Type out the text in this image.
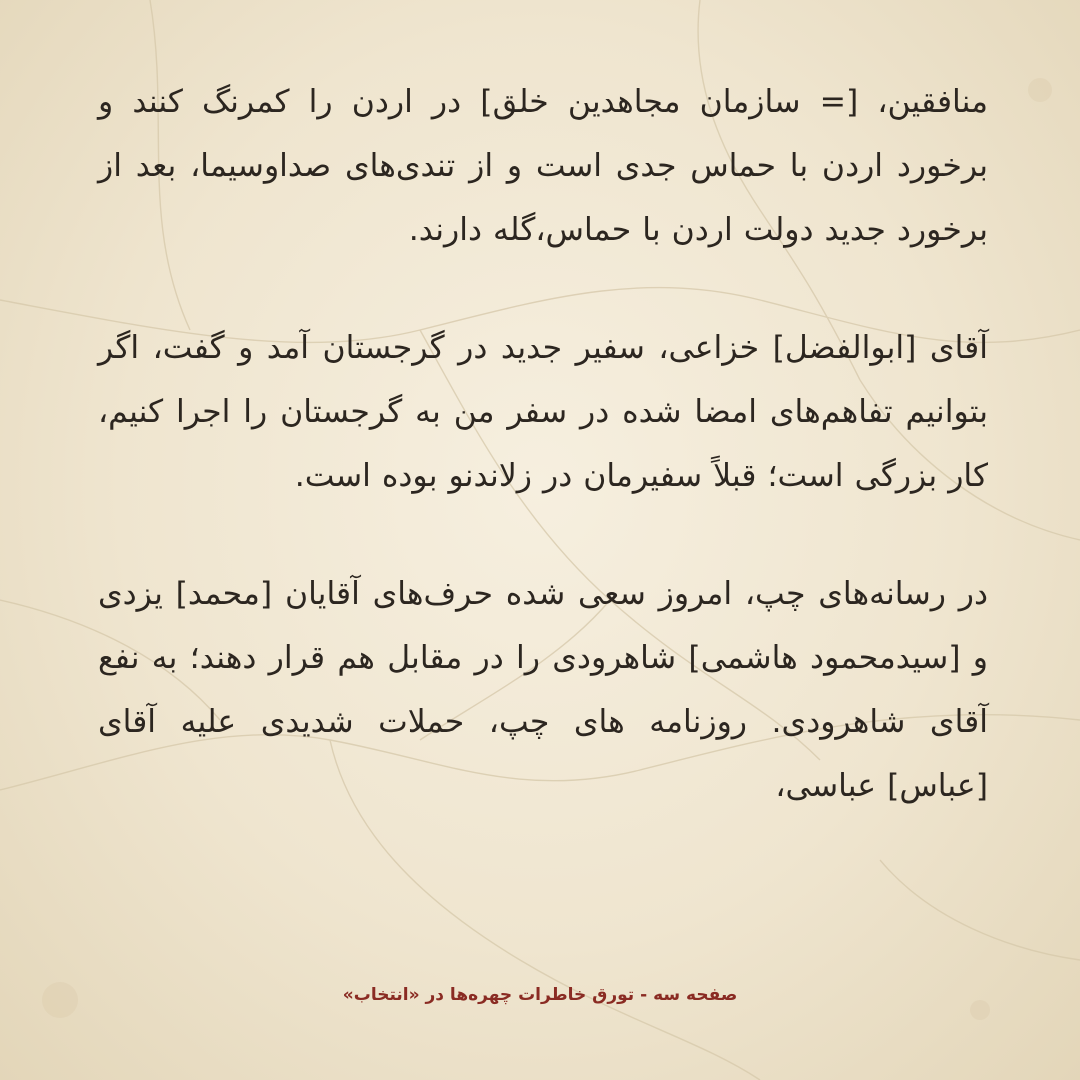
منافقین، [= سازمان مجاهدین خلق] در اردن را کمرنگ کنند و برخورد اردن با حماس جدی است و از تندی‌های صداوسیما، بعد از برخورد جدید دولت اردن با حماس،گله دارند.

آقای [ابوالفضل] خزاعی، سفیر جدید در گرجستان آمد و گفت، اگر بتوانیم تفاهم‌های امضا شده در سفر من به گرجستان را اجرا کنیم، کار بزرگی است؛ قبلاً سفیرمان در زلاندنو بوده است.

در رسانه‌های چپ، امروز سعی شده حرف‌های آقایان [محمد] یزدی و [سیدمحمود هاشمی] شاهرودی را در مقابل هم قرار دهند؛ به نفع آقای شاهرودی. روزنامه های چپ، حملات شدیدی علیه آقای [عباس] عباسی،

صفحه سه - تورق خاطرات چهره‌ها در «انتخاب»
